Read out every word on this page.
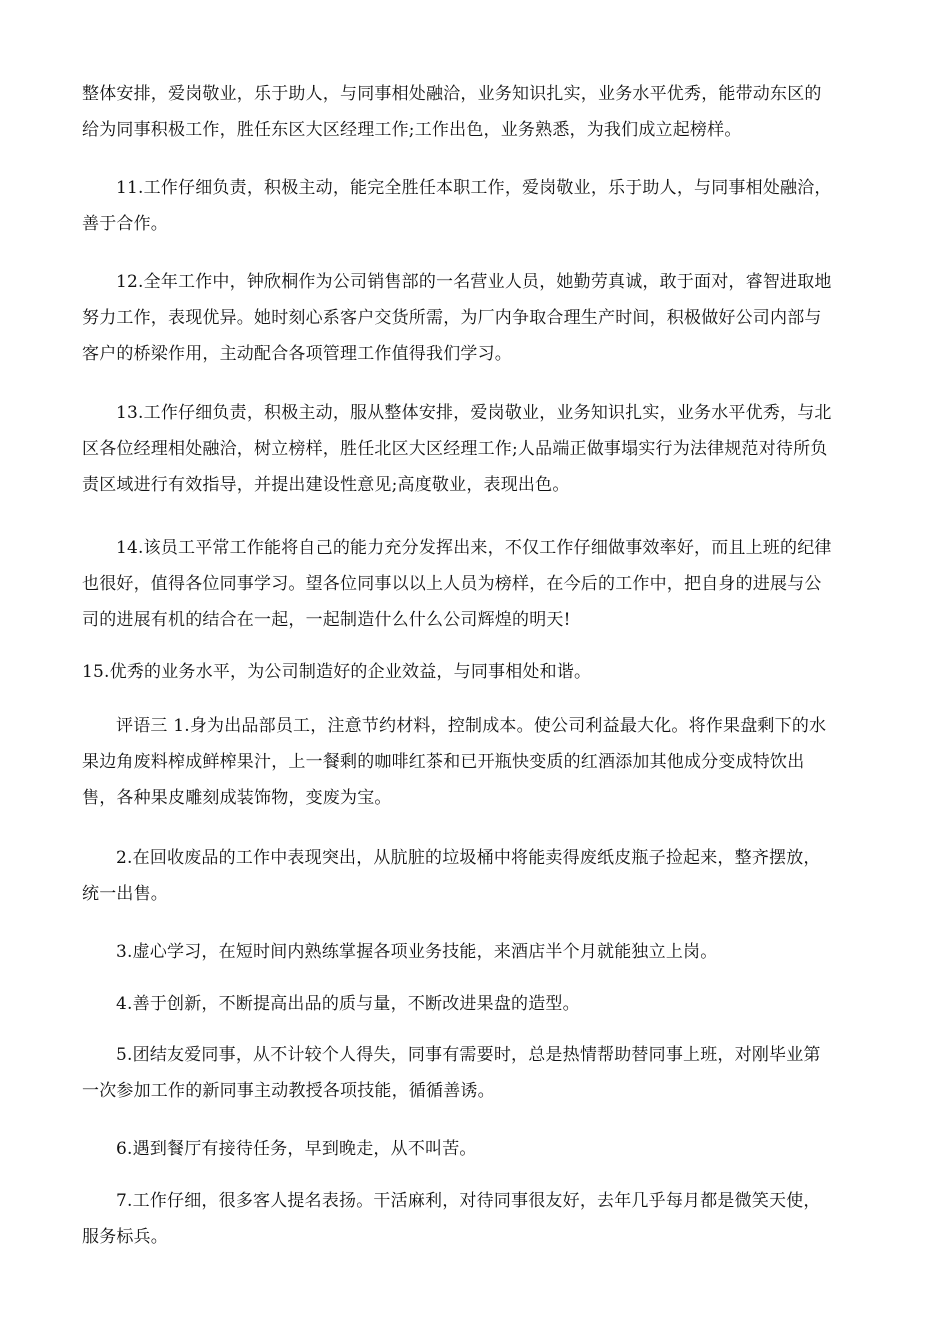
整体安排，爱岗敬业，乐于助人，与同事相处融洽，业务知识扎实，业务水平优秀，能带动东区的
给为同事积极工作，胜任东区大区经理工作;工作出色，业务熟悉，为我们成立起榜样。

11.工作仔细负责，积极主动，能完全胜任本职工作，爱岗敬业，乐于助人，与同事相处融洽，
善于合作。

12.全年工作中，钟欣桐作为公司销售部的一名营业人员，她勤劳真诚，敢于面对，睿智进取地
努力工作，表现优异。她时刻心系客户交货所需，为厂内争取合理生产时间，积极做好公司内部与
客户的桥梁作用，主动配合各项管理工作值得我们学习。

13.工作仔细负责，积极主动，服从整体安排，爱岗敬业，业务知识扎实，业务水平优秀，与北
区各位经理相处融洽，树立榜样，胜任北区大区经理工作;人品端正做事塌实行为法律规范对待所负
责区域进行有效指导，并提出建设性意见;高度敬业，表现出色。

14.该员工平常工作能将自己的能力充分发挥出来，不仅工作仔细做事效率好，而且上班的纪律
也很好，值得各位同事学习。望各位同事以以上人员为榜样，在今后的工作中，把自身的进展与公
司的进展有机的结合在一起，一起制造什么什么公司辉煌的明天!

15.优秀的业务水平，为公司制造好的企业效益，与同事相处和谐。

评语三 1.身为出品部员工，注意节约材料，控制成本。使公司利益最大化。将作果盘剩下的水
果边角废料榨成鲜榨果汁，上一餐剩的咖啡红茶和已开瓶快变质的红酒添加其他成分变成特饮出
售，各种果皮雕刻成装饰物，变废为宝。

2.在回收废品的工作中表现突出，从肮脏的垃圾桶中将能卖得废纸皮瓶子捡起来，整齐摆放，
统一出售。

3.虚心学习，在短时间内熟练掌握各项业务技能，来酒店半个月就能独立上岗。

4.善于创新，不断提高出品的质与量，不断改进果盘的造型。

5.团结友爱同事，从不计较个人得失，同事有需要时，总是热情帮助替同事上班，对刚毕业第
一次参加工作的新同事主动教授各项技能，循循善诱。

6.遇到餐厅有接待任务，早到晚走，从不叫苦。

7.工作仔细，很多客人提名表扬。干活麻利，对待同事很友好，去年几乎每月都是微笑天使，
服务标兵。
